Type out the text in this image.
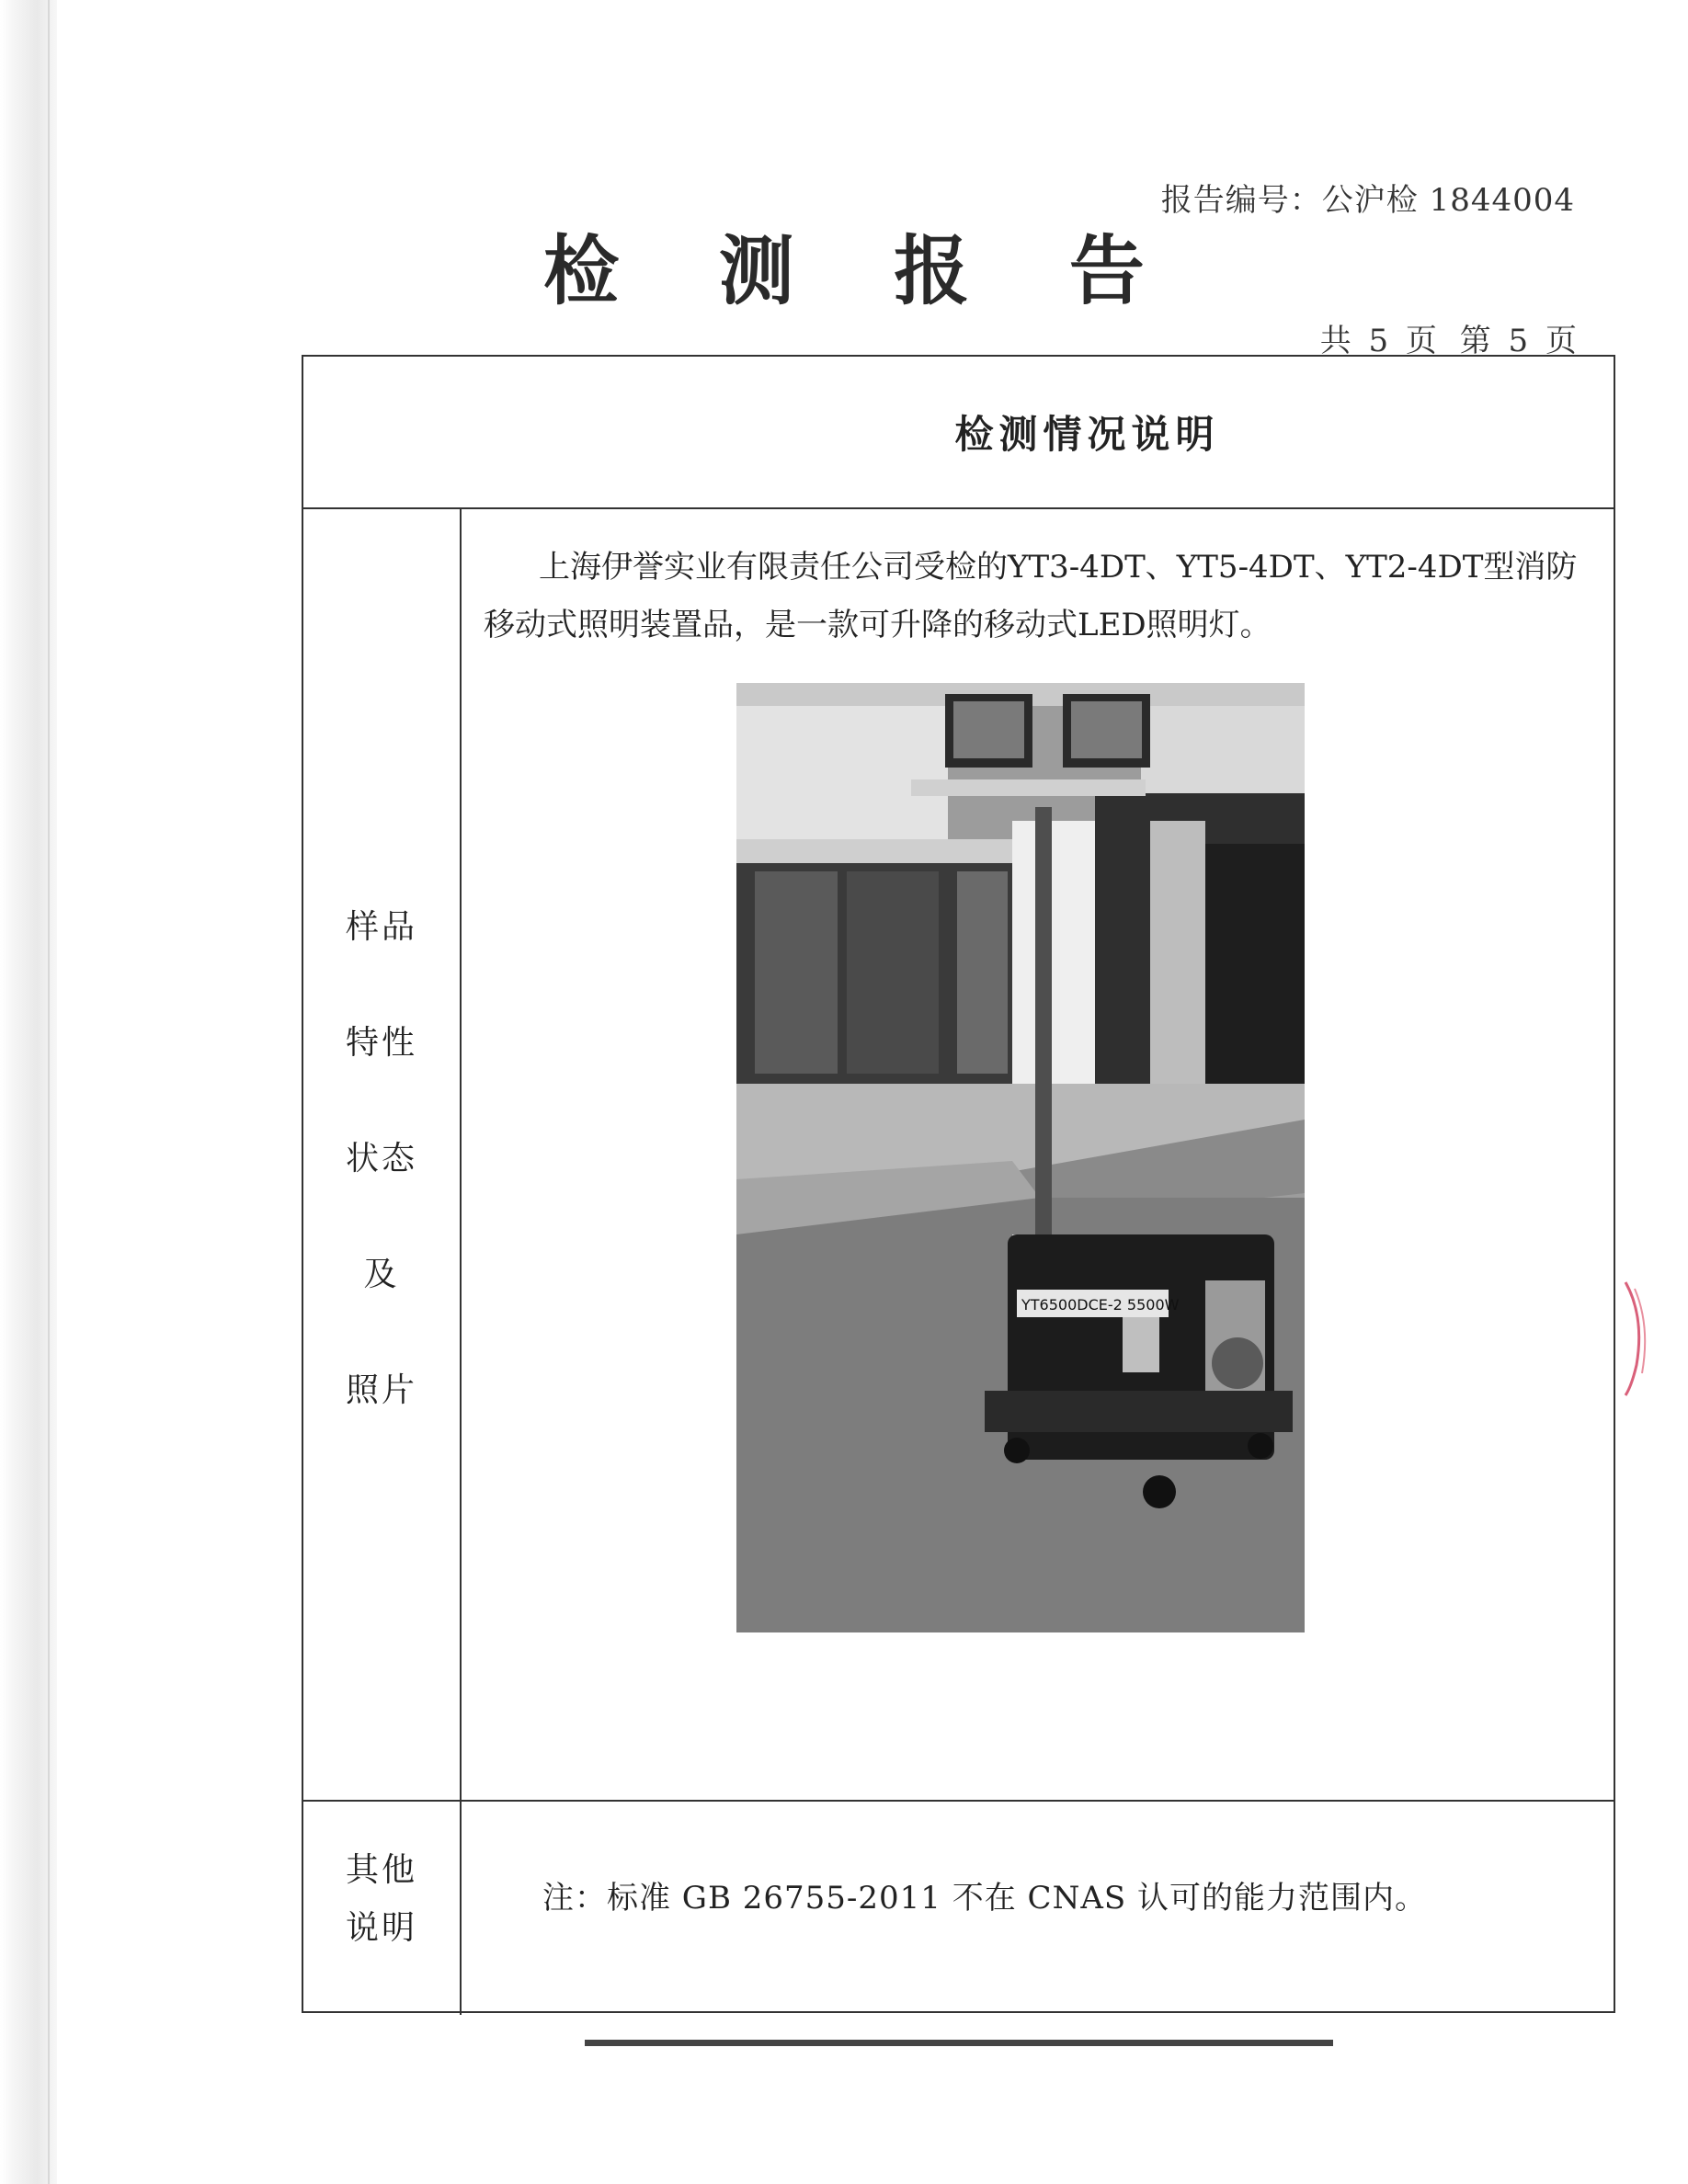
报告编号：公沪检 1844004
检 测 报 告
共 5 页 第 5 页
检测情况说明
样品
特性
状态
及
照片

上海伊誉实业有限责任公司受检的YT3-4DT、YT5-4DT、YT2-4DT型消防移动式照明装置品，是一款可升降的移动式LED照明灯。

YT6500DCE-2 5500W
其他
说明
注：标准 GB 26755-2011 不在 CNAS 认可的能力范围内。
